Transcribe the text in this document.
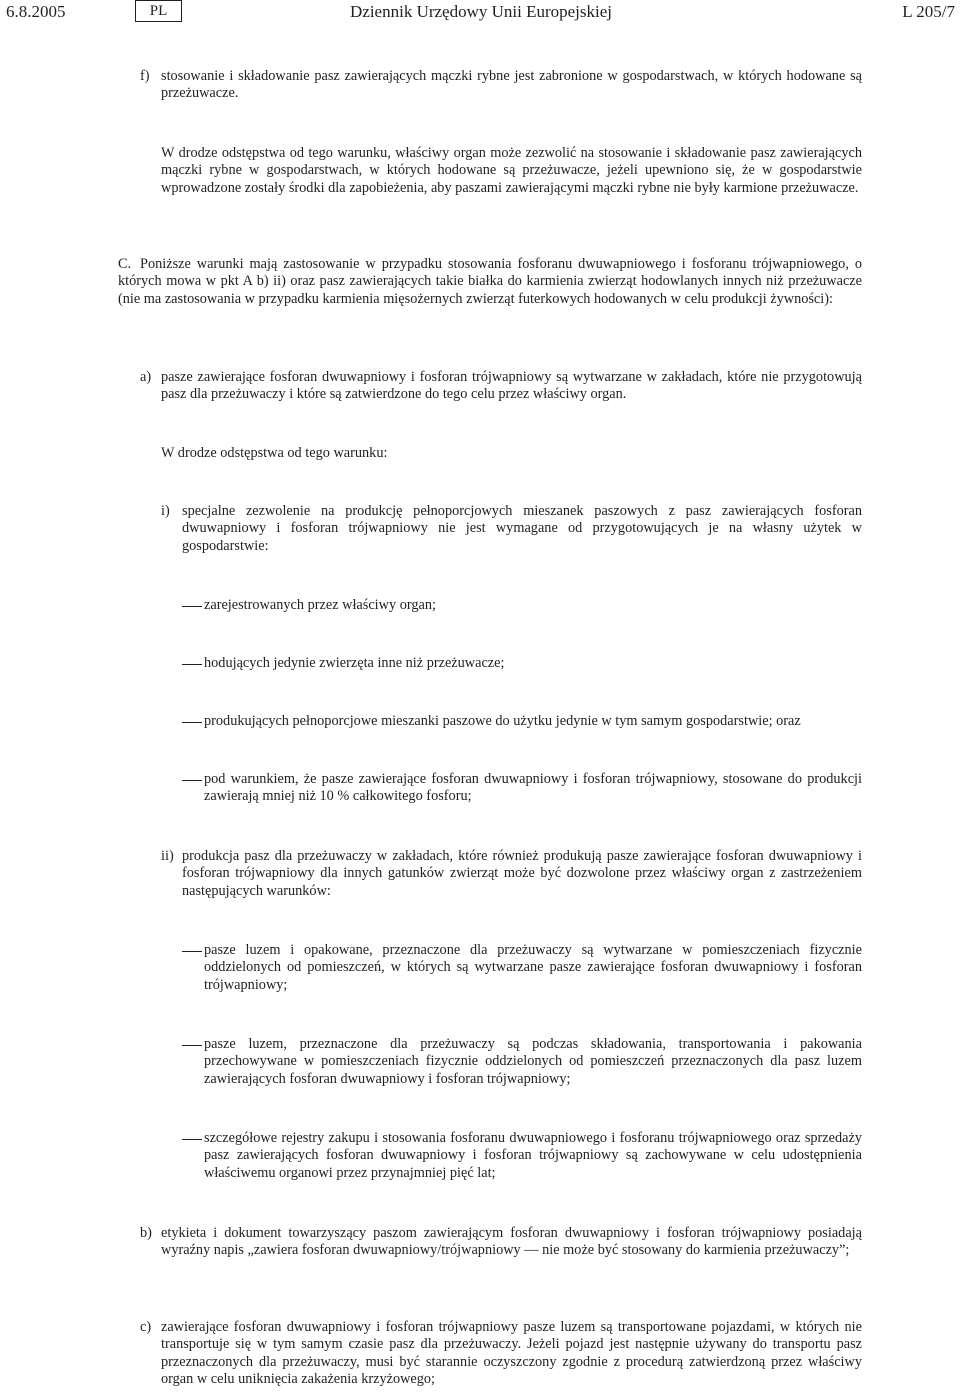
6.8.2005	PL	Dziennik Urzędowy Unii Europejskiej	L 205/7
f) stosowanie i składowanie pasz zawierających mączki rybne jest zabronione w gospodarstwach, w których hodowane są przeżuwacze.

W drodze odstępstwa od tego warunku, właściwy organ może zezwolić na stosowanie i składowanie pasz zawierających mączki rybne w gospodarstwach, w których hodowane są przeżuwacze, jeżeli upewniono się, że w gospodarstwie wprowadzone zostały środki dla zapobieżenia, aby paszami zawierającymi mączki rybne nie były karmione przeżuwacze.

C. Poniższe warunki mają zastosowanie w przypadku stosowania fosforanu dwuwapniowego i fosforanu trójwapniowego, o których mowa w pkt A b) ii) oraz pasz zawierających takie białka do karmienia zwierząt hodowlanych innych niż przeżuwacze (nie ma zastosowania w przypadku karmienia mięsożernych zwierząt futerkowych hodowanych w celu produkcji żywności):

a) pasze zawierające fosforan dwuwapniowy i fosforan trójwapniowy są wytwarzane w zakładach, które nie przygotowują pasz dla przeżuwaczy i które są zatwierdzone do tego celu przez właściwy organ.

W drodze odstępstwa od tego warunku:

i) specjalne zezwolenie na produkcję pełnoporcjowych mieszanek paszowych z pasz zawierających fosforan dwuwapniowy i fosforan trójwapniowy nie jest wymagane od przygotowujących je na własny użytek w gospodarstwie:

zarejestrowanych przez właściwy organ;

hodujących jedynie zwierzęta inne niż przeżuwacze;

produkujących pełnoporcjowe mieszanki paszowe do użytku jedynie w tym samym gospodarstwie; oraz

pod warunkiem, że pasze zawierające fosforan dwuwapniowy i fosforan trójwapniowy, stosowane do produkcji zawierają mniej niż 10 % całkowitego fosforu;

ii) produkcja pasz dla przeżuwaczy w zakładach, które również produkują pasze zawierające fosforan dwuwapniowy i fosforan trójwapniowy dla innych gatunków zwierząt może być dozwolone przez właściwy organ z zastrzeżeniem następujących warunków:

pasze luzem i opakowane, przeznaczone dla przeżuwaczy są wytwarzane w pomieszczeniach fizycznie oddzielonych od pomieszczeń, w których są wytwarzane pasze zawierające fosforan dwuwapniowy i fosforan trójwapniowy;

pasze luzem, przeznaczone dla przeżuwaczy są podczas składowania, transportowania i pakowania przechowywane w pomieszczeniach fizycznie oddzielonych od pomieszczeń przeznaczonych dla pasz luzem zawierających fosforan dwuwapniowy i fosforan trójwapniowy;

szczegółowe rejestry zakupu i stosowania fosforanu dwuwapniowego i fosforanu trójwapniowego oraz sprzedaży pasz zawierających fosforan dwuwapniowy i fosforan trójwapniowy są zachowywane w celu udostępnienia właściwemu organowi przez przynajmniej pięć lat;

b) etykieta i dokument towarzyszący paszom zawierającym fosforan dwuwapniowy i fosforan trójwapniowy posiadają wyraźny napis „zawiera fosforan dwuwapniowy/trójwapniowy — nie może być stosowany do karmienia przeżuwaczy”;

c) zawierające fosforan dwuwapniowy i fosforan trójwapniowy pasze luzem są transportowane pojazdami, w których nie transportuje się w tym samym czasie pasz dla przeżuwaczy. Jeżeli pojazd jest następnie używany do transportu pasz przeznaczonych dla przeżuwaczy, musi być starannie oczyszczony zgodnie z procedurą zatwierdzoną przez właściwy organ w celu uniknięcia zakażenia krzyżowego;
